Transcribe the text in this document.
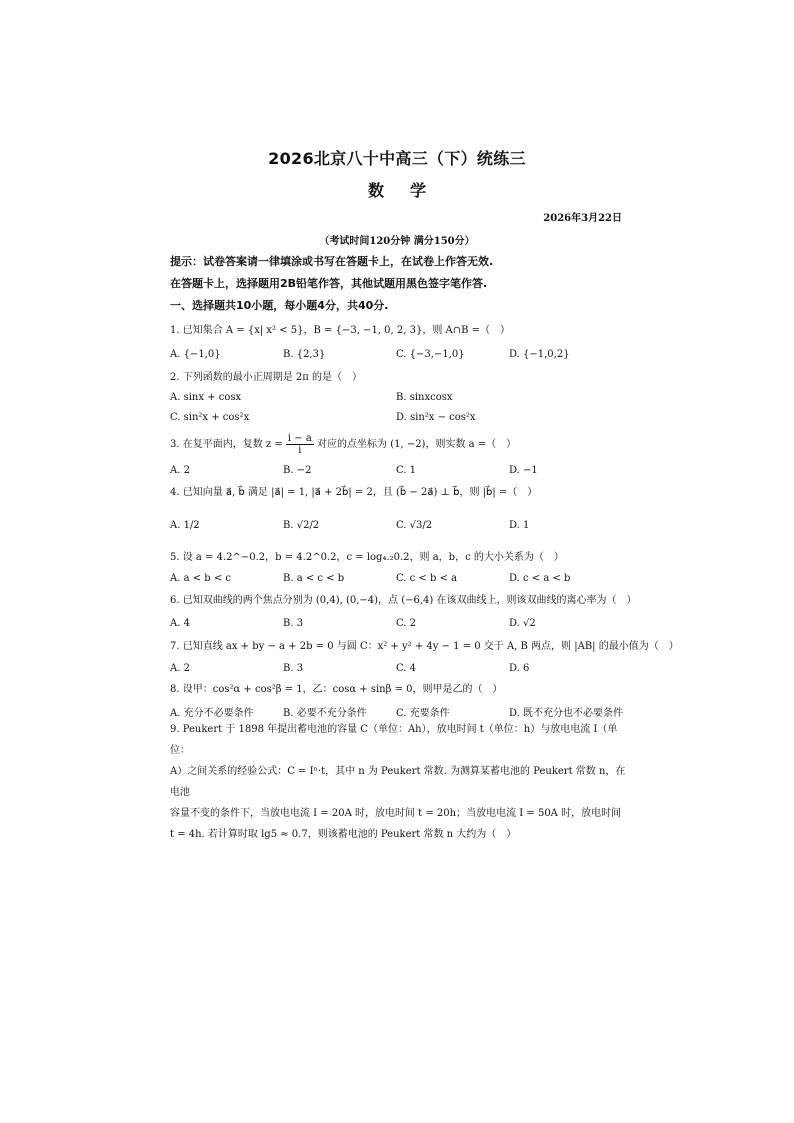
2026北京八十中高三（下）统练三
数学
2026年3月22日
（考试时间120分钟 满分150分）
提示：试卷答案请一律填涂或书写在答题卡上，在试卷上作答无效.
在答题卡上，选择题用2B铅笔作答，其他试题用黑色签字笔作答.
一、选择题共10小题，每小题4分，共40分.
1. 已知集合 A = {x| x² < 5}，B = {−3, −1, 0, 2, 3}，则 A∩B =（　）
A. {−1,0}	B. {2,3}	C. {−3,−1,0}	D. {−1,0,2}
2. 下列函数的最小正周期是 2π 的是（　）
A. sinx + cosx	B. sinxcosx
C. sin²x + cos²x	D. sin²x − cos²x
3. 在复平面内，复数 $z = \frac{i - a}{i}$ 对应的点坐标为 (1, −2)，则实数 a =（　）
A. 2	B. −2	C. 1	D. −1
4. 已知向量 a⃗, b⃗ 满足 |a⃗| = 1, |a⃗ + 2b⃗| = 2，且 (b⃗ − 2a⃗) ⊥ b⃗，则 |b⃗| =（　）
A. 1/2	B. √2/2	C. √3/2	D. 1
5. 设 a = 4.2^−0.2，b = 4.2^0.2，c = log₄.₂0.2，则 a，b，c 的大小关系为（　）
A. a < b < c	B. a < c < b	C. c < b < a	D. c < a < b
6. 已知双曲线的两个焦点分别为 (0,4), (0,−4)，点 (−6,4) 在该双曲线上，则该双曲线的离心率为（　）
A. 4	B. 3	C. 2	D. √2
7. 已知直线 ax + by − a + 2b = 0 与圆 C：x² + y² + 4y − 1 = 0 交于 A, B 两点，则 |AB| 的最小值为（　）
A. 2	B. 3	C. 4	D. 6
8. 设甲：cos²α + cos²β = 1，乙：cosα + sinβ = 0，则甲是乙的（　）
A. 充分不必要条件	B. 必要不充分条件	C. 充要条件	D. 既不充分也不必要条件
9. Peukert 于 1898 年提出蓄电池的容量 C（单位：Ah），放电时间 t（单位：h）与放电电流 I（单位：
A）之间关系的经验公式：C = Iⁿ·t，其中 n 为 Peukert 常数. 为测算某蓄电池的 Peukert 常数 n，在电池
容量不变的条件下，当放电电流 I = 20A 时，放电时间 t = 20h；当放电电流 I = 50A 时，放电时间
t = 4h. 若计算时取 lg5 ≈ 0.7，则该蓄电池的 Peukert 常数 n 大约为（　）
